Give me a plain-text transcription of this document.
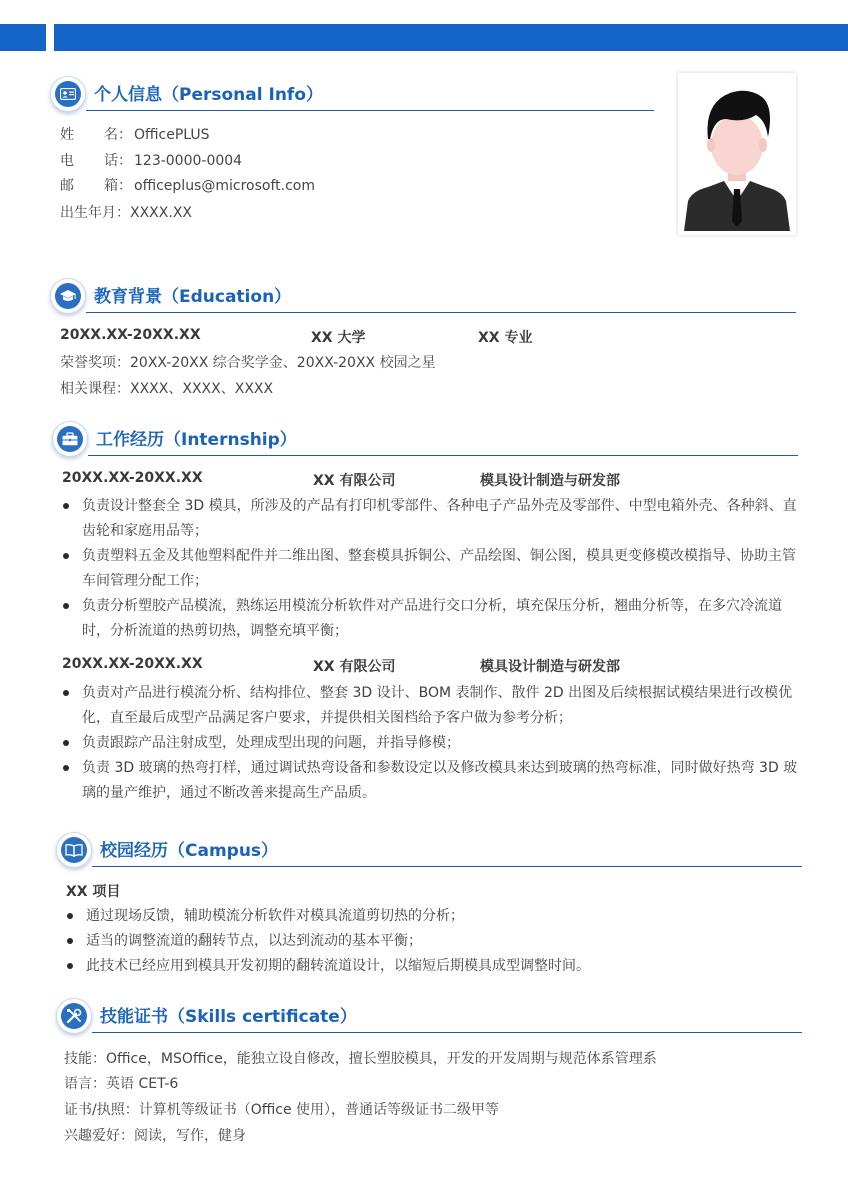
个人信息（Personal Info）
姓 名： OfficePLUS
电 话： 123-0000-0004
邮 箱： officeplus@microsoft.com
出生年月：XXXX.XX
教育背景（Education）
20XX.XX-20XX.XX	XX 大学	XX 专业
荣誉奖项：20XX-20XX 综合奖学金、20XX-20XX 校园之星
相关课程：XXXX、XXXX、XXXX
工作经历（Internship）
20XX.XX-20XX.XX	XX 有限公司	模具设计制造与研发部
负责设计整套全 3D 模具，所涉及的产品有打印机零部件、各种电子产品外壳及零部件、中型电箱外壳、各种斜、直齿轮和家庭用品等；
负责塑料五金及其他塑料配件并二维出图、整套模具拆铜公、产品绘图、铜公图，模具更变修模改模指导、协助主管车间管理分配工作；
负责分析塑胶产品模流，熟练运用模流分析软件对产品进行交口分析，填充保压分析，翘曲分析等，在多穴冷流道时，分析流道的热剪切热，调整充填平衡；
20XX.XX-20XX.XX	XX 有限公司	模具设计制造与研发部
负责对产品进行模流分析、结构排位、整套 3D 设计、BOM 表制作、散件 2D 出图及后续根据试模结果进行改模优化，直至最后成型产品满足客户要求，并提供相关图档给予客户做为参考分析；
负责跟踪产品注射成型，处理成型出现的问题，并指导修模；
负责 3D 玻璃的热弯打样，通过调试热弯设备和参数设定以及修改模具来达到玻璃的热弯标准，同时做好热弯 3D 玻璃的量产维护，通过不断改善来提高生产品质。
校园经历（Campus）
XX 项目
通过现场反馈，辅助模流分析软件对模具流道剪切热的分析；
适当的调整流道的翻转节点，以达到流动的基本平衡；
此技术已经应用到模具开发初期的翻转流道设计，以缩短后期模具成型调整时间。
技能证书（Skills certificate）
技能：Office，MSOffice，能独立设自修改，擅长塑胶模具，开发的开发周期与规范体系管理系
语言：英语 CET-6
证书/执照：计算机等级证书（Office 使用），普通话等级证书二级甲等
兴趣爱好：阅读，写作，健身
